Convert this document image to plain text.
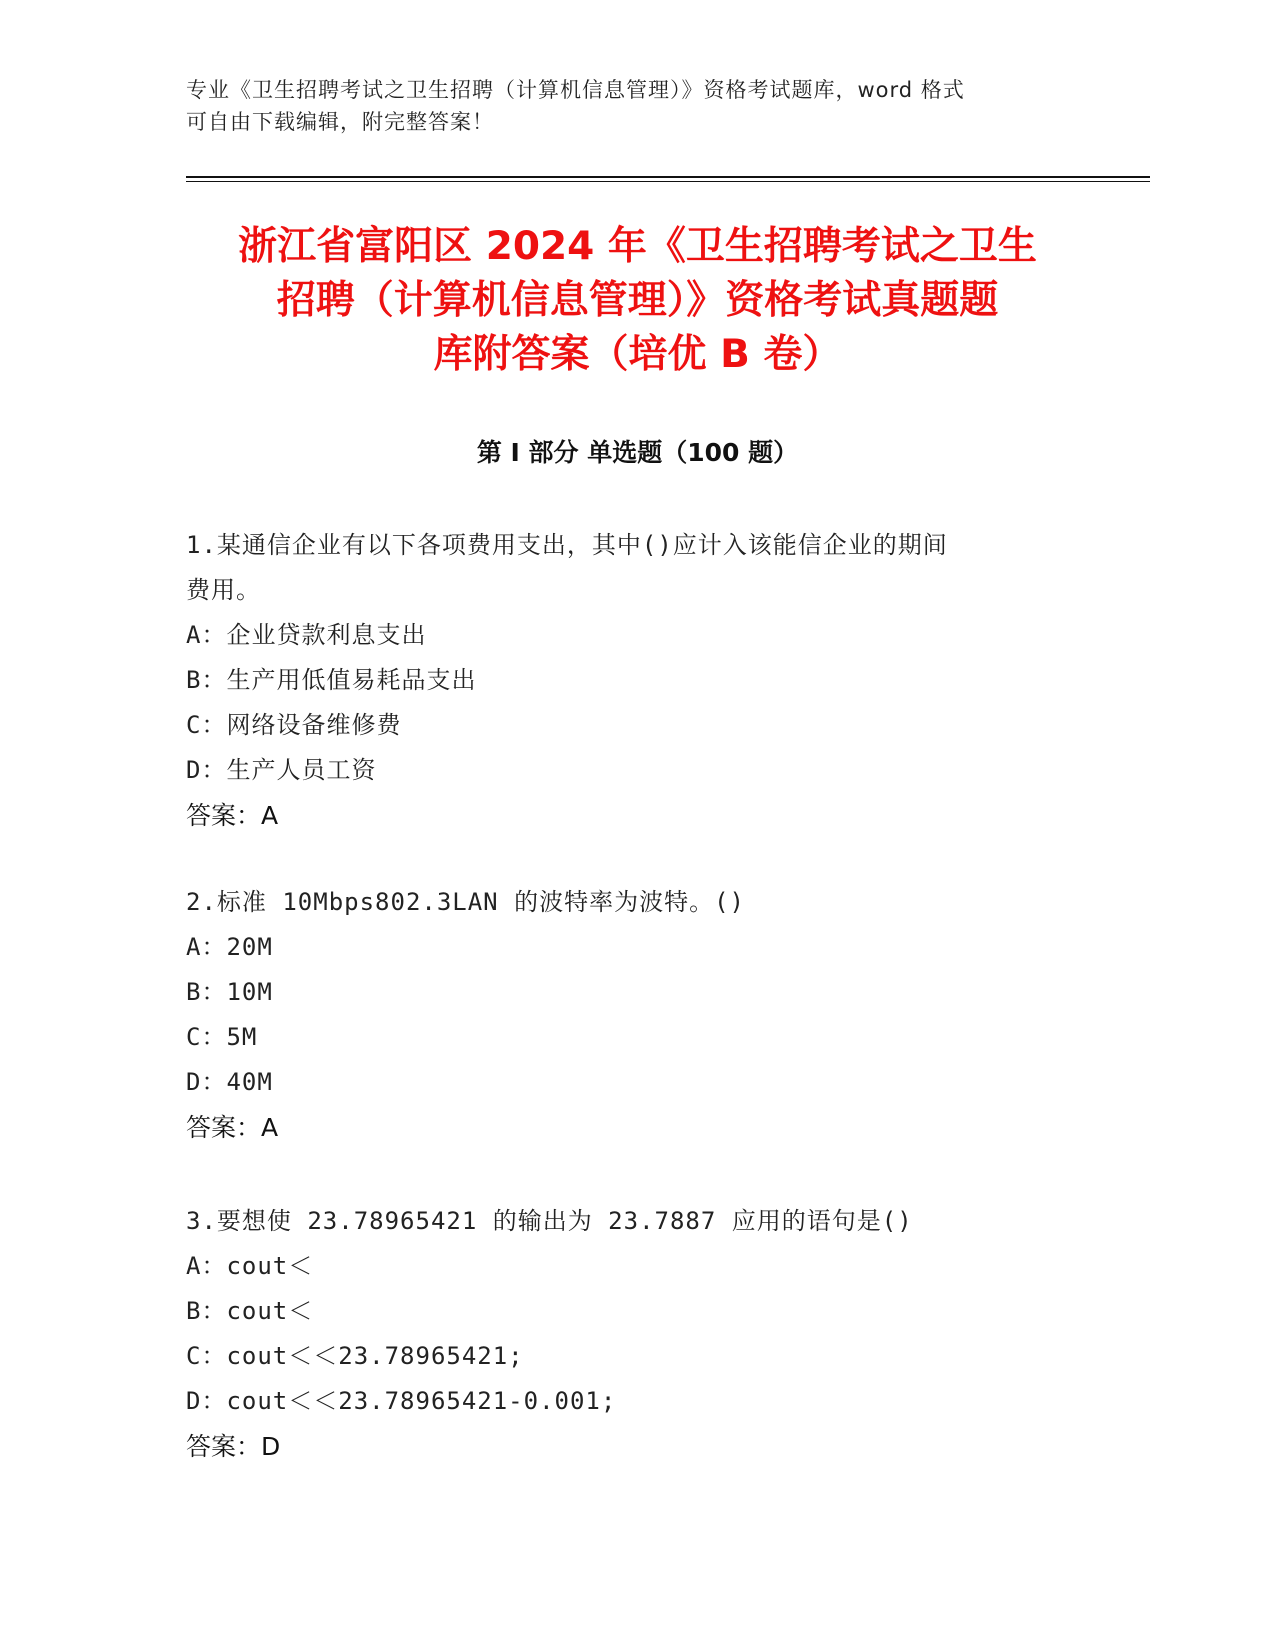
专业《卫生招聘考试之卫生招聘（计算机信息管理）》资格考试题库，word 格式
可自由下载编辑，附完整答案！
浙江省富阳区 2024 年《卫生招聘考试之卫生
招聘（计算机信息管理）》资格考试真题题
库附答案（培优 B 卷）
第 I 部分 单选题（100 题）
1.某通信企业有以下各项费用支出，其中()应计入该能信企业的期间
费用。
A：企业贷款利息支出
B：生产用低值易耗品支出
C：网络设备维修费
D：生产人员工资
答案：A
2.标准 10Mbps802.3LAN 的波特率为波特。()
A：20M
B：10M
C：5M
D：40M
答案：A
3.要想使 23.78965421 的输出为 23.7887 应用的语句是()
A：cout＜
B：cout＜
C：cout＜＜23.78965421;
D：cout＜＜23.78965421-0.001;
答案：D
